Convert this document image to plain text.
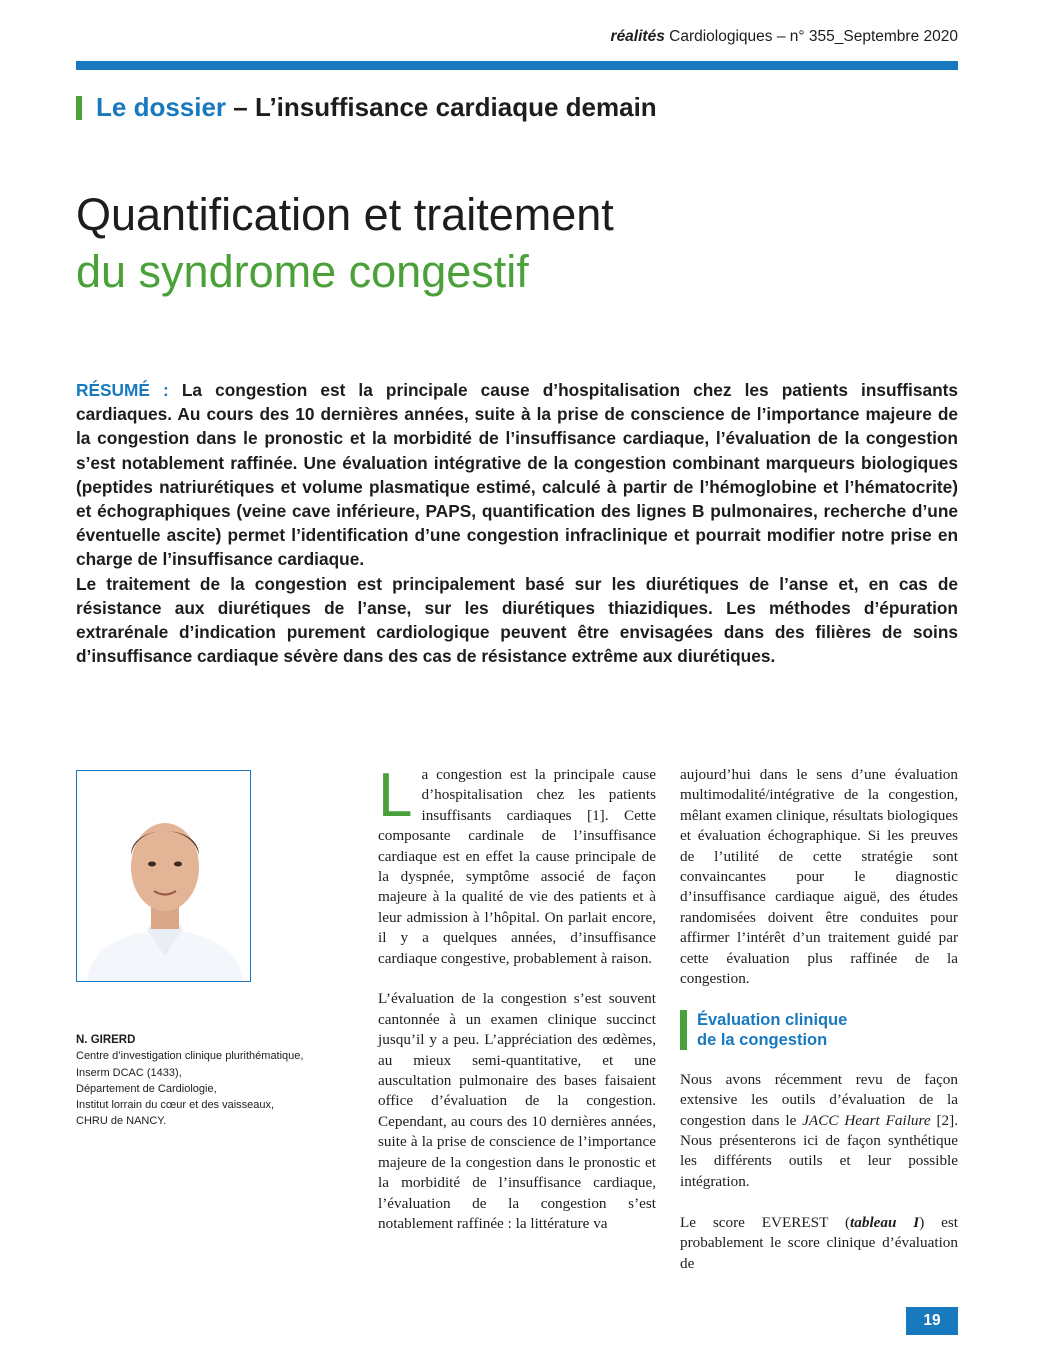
réalités Cardiologiques – n° 355_Septembre 2020
Le dossier
–
L’insuffisance cardiaque demain
Quantification et traitement
du syndrome congestif

RÉSUMÉ : La congestion est la principale cause d’hospitalisation chez les patients insuffisants cardiaques. Au cours des 10 dernières années, suite à la prise de conscience de l’importance majeure de la congestion dans le pronostic et la morbidité de l’insuffisance cardiaque, l’évaluation de la congestion s’est notablement raffinée. Une évaluation intégrative de la congestion combinant marqueurs biologiques (peptides natriurétiques et volume plasmatique estimé, calculé à partir de l’hémoglobine et l’hématocrite) et échographiques (veine cave inférieure, PAPS, quantification des lignes B pulmonaires, recherche d’une éventuelle ascite) permet l’identification d’une congestion infraclinique et pourrait modifier notre prise en charge de l’insuffisance cardiaque.

Le traitement de la congestion est principalement basé sur les diurétiques de l’anse et, en cas de résistance aux diurétiques de l’anse, sur les diurétiques thiazidiques. Les méthodes d’épuration extrarénale d’indication purement cardiologique peuvent être envisagées dans des filières de soins d’insuffisance cardiaque sévère dans des cas de résistance extrême aux diurétiques.

N. GIRERD
Centre d’investigation clinique plurithématique,
Inserm DCAC (1433),
Département de Cardiologie,
Institut lorrain du cœur et des vaisseaux,
CHRU de NANCY.

La congestion est la principale cause d’hospitalisation chez les patients insuffisants cardiaques [1]. Cette composante cardinale de l’insuffisance cardiaque est en effet la cause principale de la dyspnée, symptôme associé de façon majeure à la qualité de vie des patients et à leur admission à l’hôpital. On parlait encore, il y a quelques années, d’insuffisance cardiaque congestive, probablement à raison.

L’évaluation de la congestion s’est souvent cantonnée à un examen clinique succinct jusqu’il y a peu. L’appréciation des œdèmes, au mieux semi-quantitative, et une auscultation pulmonaire des bases faisaient office d’évaluation de la congestion. Cependant, au cours des 10 dernières années, suite à la prise de conscience de l’importance majeure de la congestion dans le pronostic et la morbidité de l’insuffisance cardiaque, l’évaluation de la congestion s’est notablement raffinée : la littérature va

aujourd’hui dans le sens d’une évaluation multimodalité/intégrative de la congestion, mêlant examen clinique, résultats biologiques et évaluation échographique. Si les preuves de l’utilité de cette stratégie sont convaincantes pour le diagnostic d’insuffisance cardiaque aiguë, des études randomisées doivent être conduites pour affirmer l’intérêt d’un traitement guidé par cette évaluation plus raffinée de la congestion.

Évaluation clinique
de la congestion

Nous avons récemment revu de façon extensive les outils d’évaluation de la congestion dans le JACC Heart Failure [2]. Nous présenterons ici de façon synthétique les différents outils et leur possible intégration.

Le score EVEREST (tableau I) est probablement le score clinique d’évaluation de

19
